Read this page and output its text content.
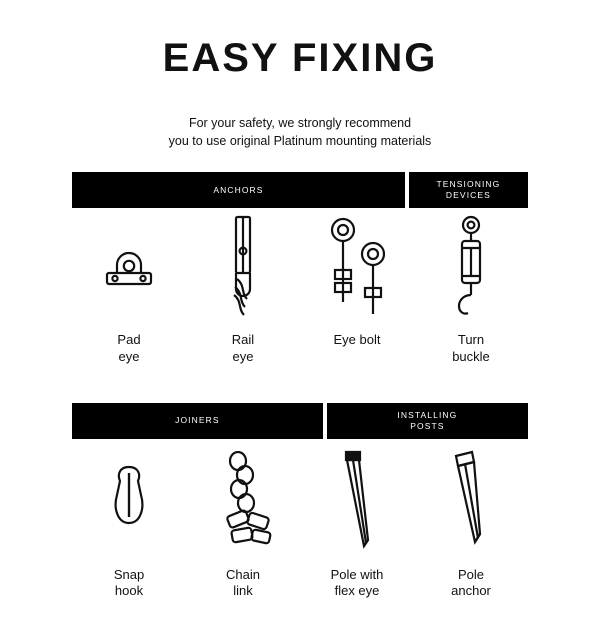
EASY FIXING
For your safety, we strongly recommend
you to use original Platinum mounting materials
ANCHORS
TENSIONING
DEVICES
Pad
eye
Rail
eye
Eye bolt	Turn
buckle
JOINERS
INSTALLING
POSTS
Snap
hook
Chain
link
Pole with
flex eye
Pole
anchor
